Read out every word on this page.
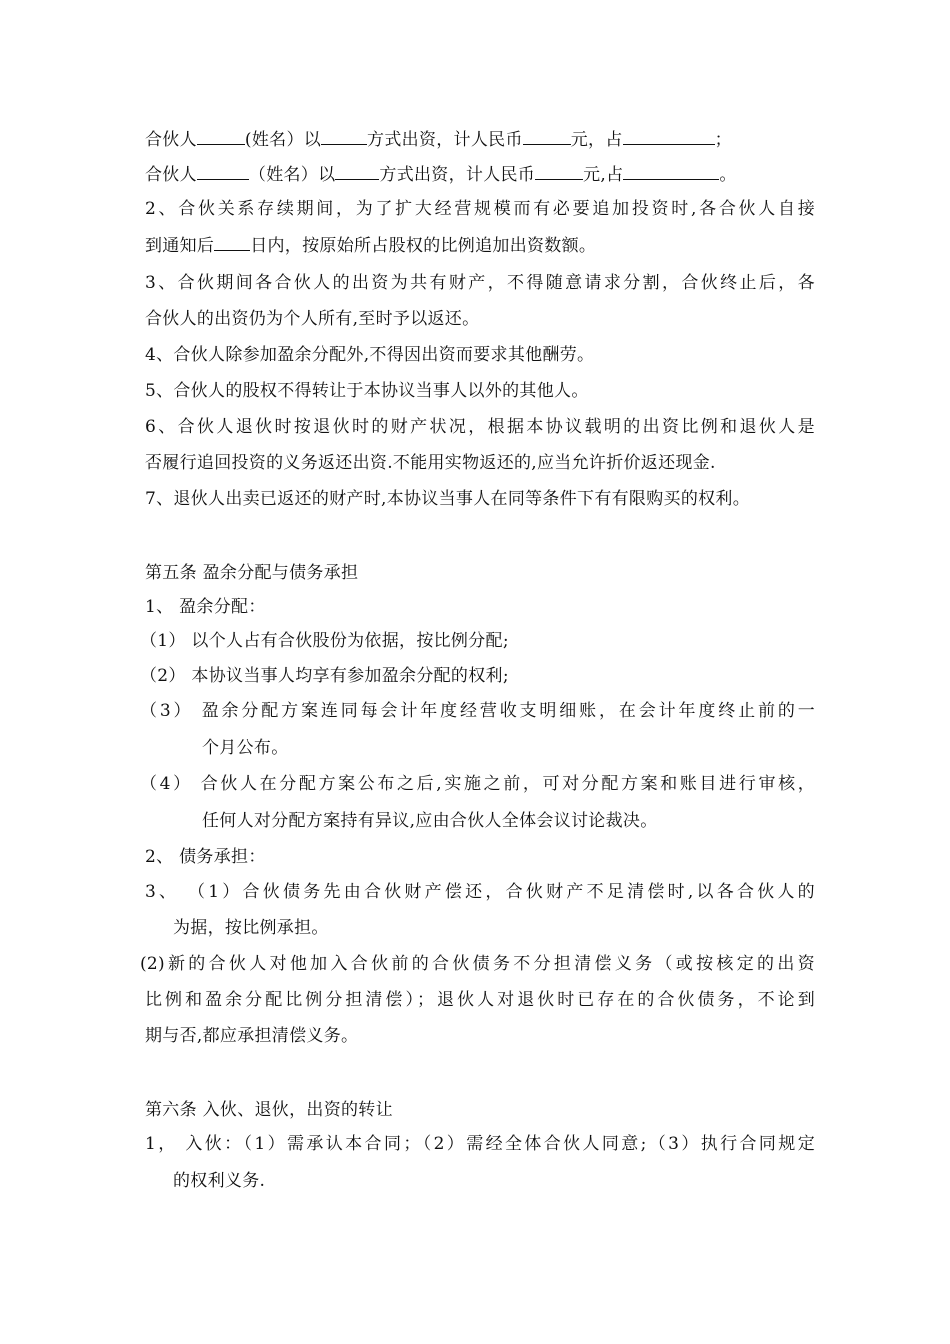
合伙人	(姓名）以	方式出资，计人民币	元，占	；
合伙人	（姓名）以	方式出资，计人民币	元,占	。
2、合伙关系存续期间，为了扩大经营规模而有必要追加投资时,各合伙人自接
到通知后 日内，按原始所占股权的比例追加出资数额。
3、合伙期间各合伙人的出资为共有财产，不得随意请求分割，合伙终止后，各
合伙人的出资仍为个人所有,至时予以返还。
4、合伙人除参加盈余分配外,不得因出资而要求其他酬劳。
5、合伙人的股权不得转让于本协议当事人以外的其他人。
6、合伙人退伙时按退伙时的财产状况，根据本协议载明的出资比例和退伙人是
否履行追回投资的义务返还出资.不能用实物返还的,应当允许折价返还现金.
7、退伙人出卖已返还的财产时,本协议当事人在同等条件下有有限购买的权利。
第五条 盈余分配与债务承担
1、 盈余分配：
（1） 以个人占有合伙股份为依据，按比例分配;
（2） 本协议当事人均享有参加盈余分配的权利;
（3） 盈余分配方案连同每会计年度经营收支明细账，在会计年度终止前的一
个月公布。
（4） 合伙人在分配方案公布之后,实施之前，可对分配方案和账目进行审核，
任何人对分配方案持有异议,应由合伙人全体会议讨论裁决。
2、 债务承担：
3、 （1）合伙债务先由合伙财产偿还，合伙财产不足清偿时,以各合伙人的
为据，按比例承担。
(2)新的合伙人对他加入合伙前的合伙债务不分担清偿义务（或按核定的出资
比例和盈余分配比例分担清偿）；退伙人对退伙时已存在的合伙债务，不论到
期与否,都应承担清偿义务。
第六条 入伙、退伙，出资的转让
1， 入伙：（1）需承认本合同；（2）需经全体合伙人同意;（3）执行合同规定
的权利义务.
